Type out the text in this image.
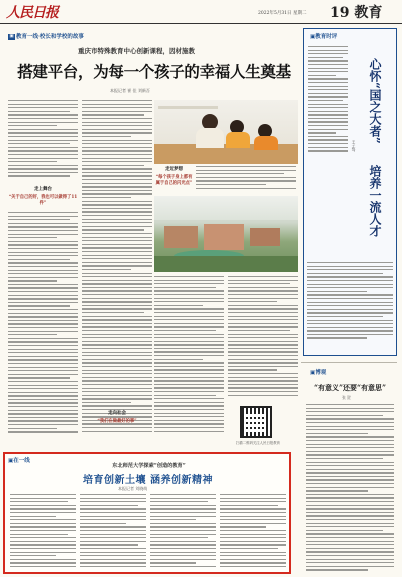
人民日报	2022年5月31日 星期二 19 教育
▣ 教育一线·校长和学校的故事
重庆市特殊教育中心创新课程，因材施教
搭建平台，为每一个孩子的幸福人生奠基
本报记者 崔 佳 刘新吾
走上舞台
“关于自己的好，我也可以做得了11件”
走近梦想
“每个孩子身上都有属于自己的闪光点”
走向社会
“我们在做最好的事”
扫描二维码关注人民日报教育
▣教育时评
心怀“国之大者”
培养一流人才
王子骜
▣博观
“有意义”还要“有意思”
张 贺
▣在一线
东北师范大学探索“创造的教育”
培育创新土壤 涵养创新精神
本报记者 刘晓萌
